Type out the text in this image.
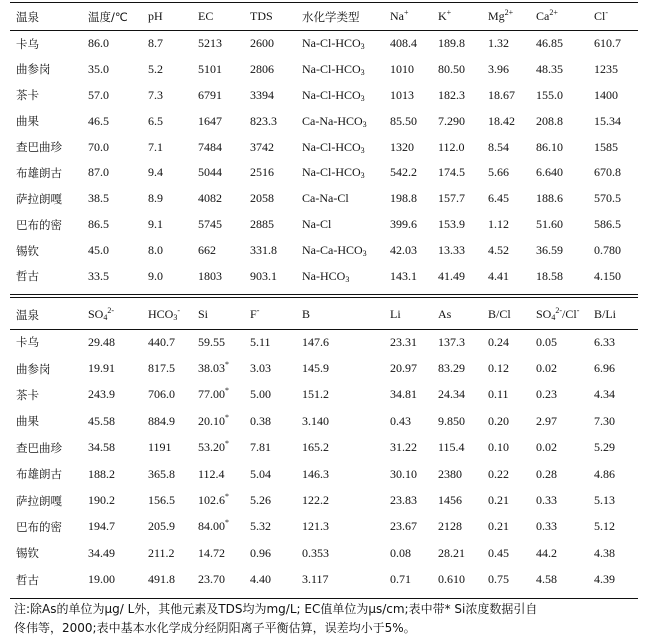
温泉	温度/℃	pH	EC	TDS	水化学类型	Na+	K+	$Mg^{2+}$	$Ca^{2+}$	Cl-
卡乌	86.0	8.7	5213	2600	$Na-Cl-HCO_3$	408.4	189.8	1.32	46.85	610.7
曲参岗	35.0	5.2	5101	2806	$Na-Cl-HCO_3$	1010	80.50	3.96	48.35	1235
茶卡	57.0	7.3	6791	3394	$Na-Cl-HCO_3$	1013	182.3	18.67	155.0	1400
曲果	46.5	6.5	1647	823.3	$Ca-Na-HCO_3$	85.50	7.290	18.42	208.8	15.34
查巴曲珍	70.0	7.1	7484	3742	$Na-Cl-HCO_3$	1320	112.0	8.54	86.10	1585
布雄朗古	87.0	9.4	5044	2516	$Na-Cl-HCO_3$	542.2	174.5	5.66	6.640	670.8
萨拉朗嘎	38.5	8.9	4082	2058	Ca-Na-Cl	198.8	157.7	6.45	188.6	570.5
巴布的密	86.5	9.1	5745	2885	Na-Cl	399.6	153.9	1.12	51.60	586.5
锡钦	45.0	8.0	662	331.8	$Na-Ca-HCO_3$	42.03	13.33	4.52	36.59	0.780
哲古	33.5	9.0	1803	903.1	$Na-HCO_3$	143.1	41.49	4.41	18.58	4.150
温泉	$SO_4^{2-}$	$HCO_3^-$	Si	F-	B	Li	As	B/Cl	$SO_4^{2-}/Cl^-$	B/Li
卡乌	29.48	440.7	59.55	5.11	147.6	23.31	137.3	0.24	0.05	6.33
曲参岗	19.91	817.5	38.03*	3.03	145.9	20.97	83.29	0.12	0.02	6.96
茶卡	243.9	706.0	77.00*	5.00	151.2	34.81	24.34	0.11	0.23	4.34
曲果	45.58	884.9	20.10*	0.38	3.140	0.43	9.850	0.20	2.97	7.30
查巴曲珍	34.58	1191	53.20*	7.81	165.2	31.22	115.4	0.10	0.02	5.29
布雄朗古	188.2	365.8	112.4	5.04	146.3	30.10	2380	0.22	0.28	4.86
萨拉朗嘎	190.2	156.5	102.6*	5.26	122.2	23.83	1456	0.21	0.33	5.13
巴布的密	194.7	205.9	84.00*	5.32	121.3	23.67	2128	0.21	0.33	5.12
锡钦	34.49	211.2	14.72	0.96	0.353	0.08	28.21	0.45	44.2	4.38
哲古	19.00	491.8	23.70	4.40	3.117	0.71	0.610	0.75	4.58	4.39
注:除As的单位为μg/ L外，其他元素及TDS均为mg/L; EC值单位为μs/cm;表中带* Si浓度数据引自
佟伟等，2000;表中基本水化学成分经阴阳离子平衡估算，误差均小于5%。
